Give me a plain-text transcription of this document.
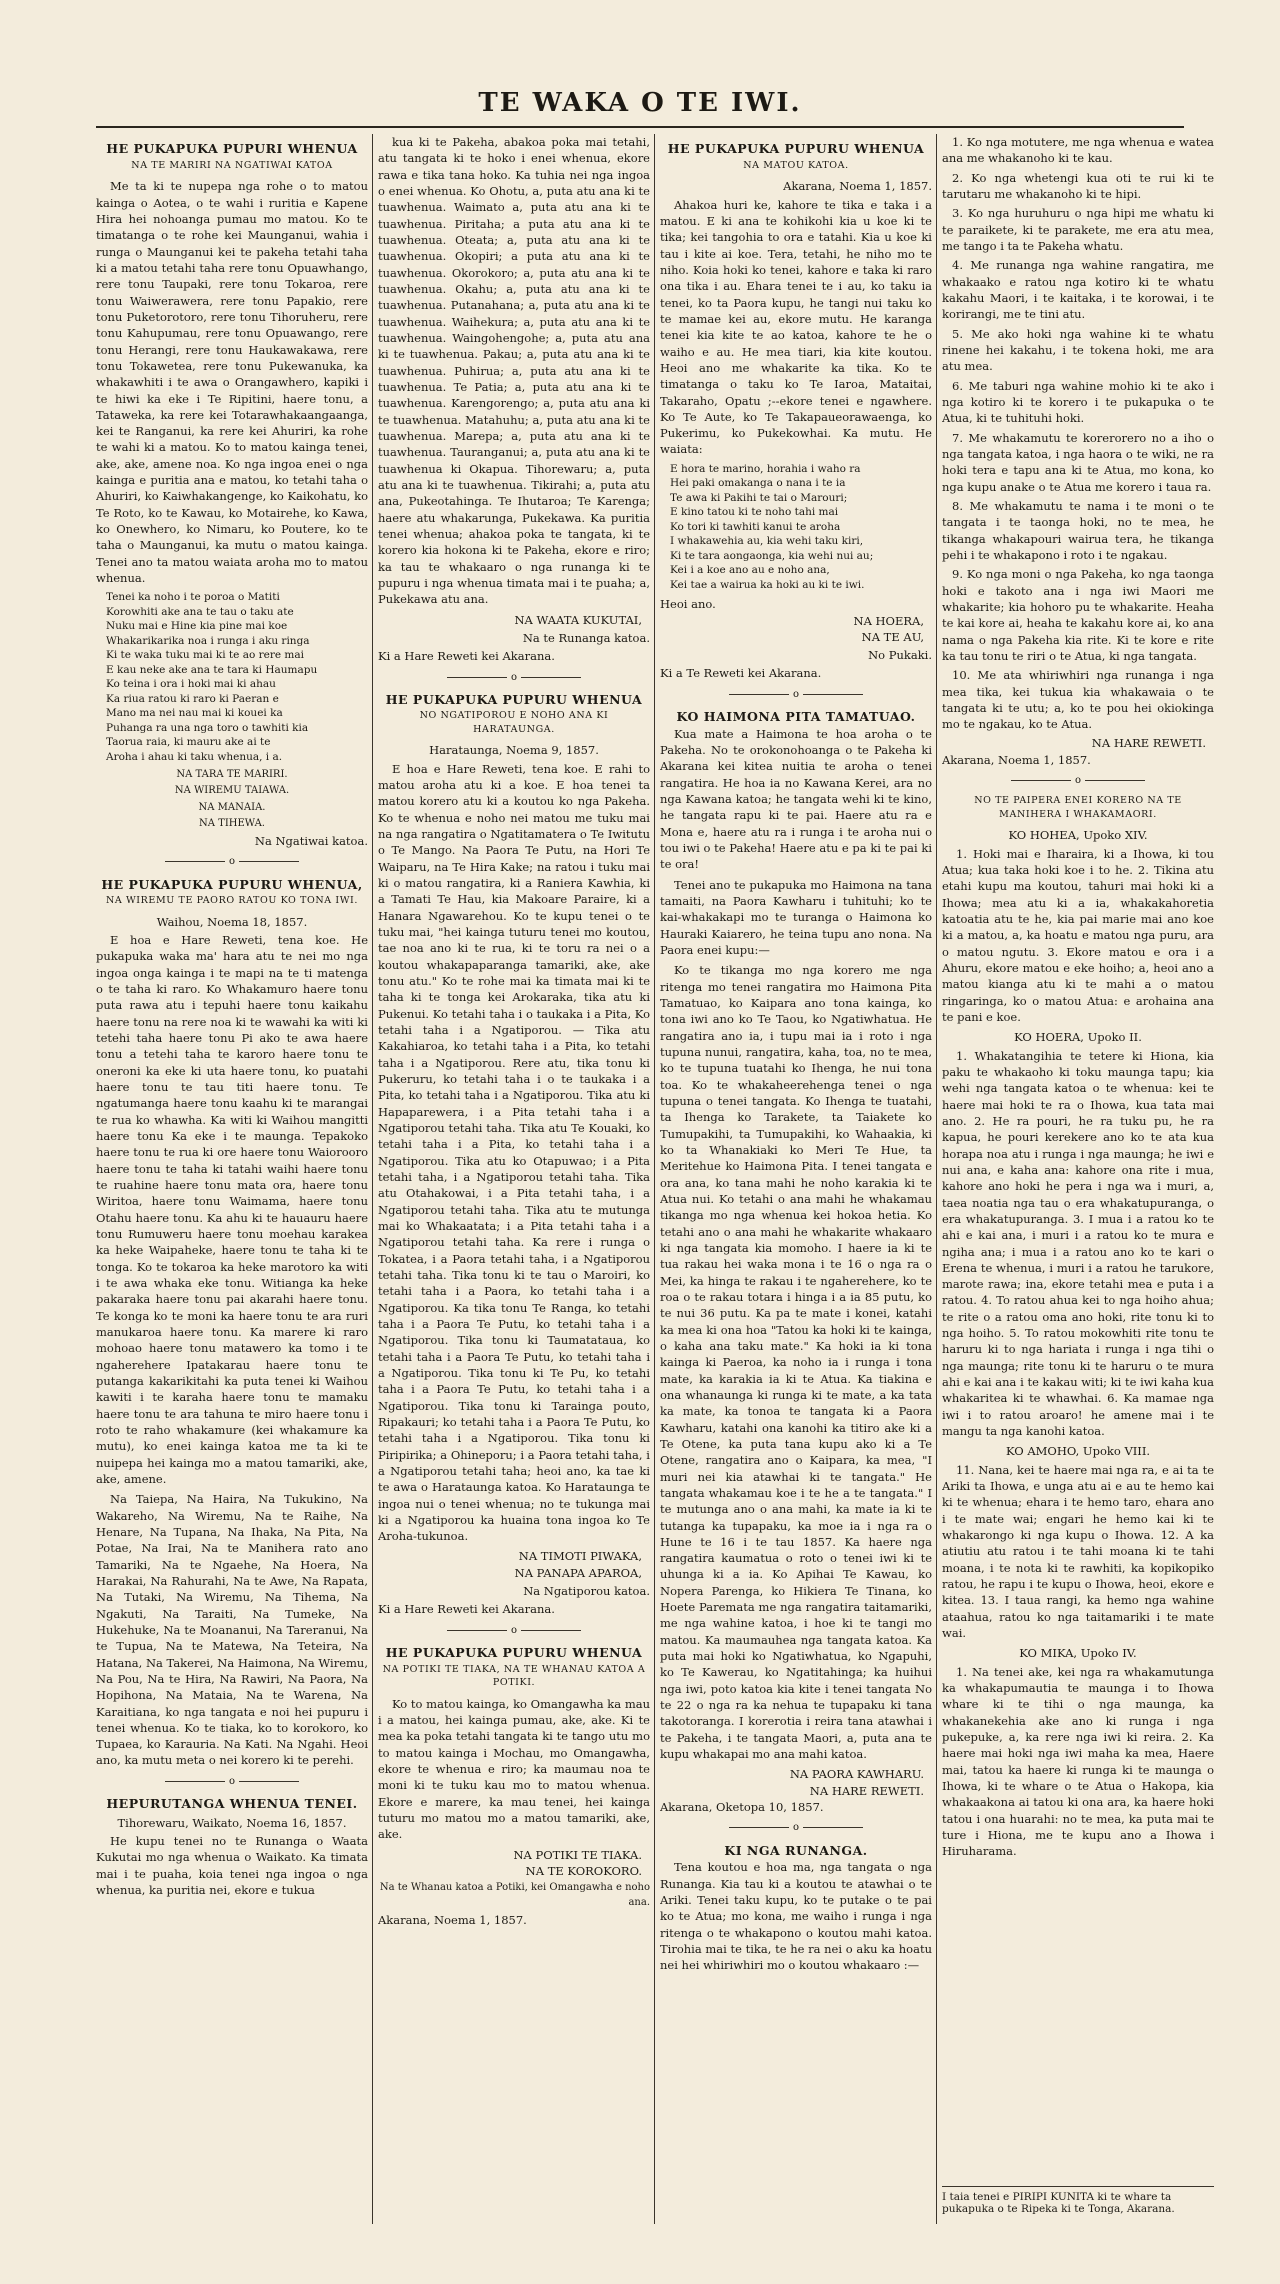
TE WAKA O TE IWI.
HE PUKAPUKA PUPURI WHENUA
NA TE MARIRI NA NGATIWAI KATOA

Me ta ki te nupepa nga rohe o to matou kainga o Aotea, o te wahi i ruritia e Kapene Hira hei nohoanga pumau mo matou. Ko te timatanga o te rohe kei Maunganui, wahia i runga o Maunganui kei te pakeha tetahi taha ki a matou tetahi taha rere tonu Opuawhango, rere tonu Taupaki, rere tonu Tokaroa, rere tonu Waiwerawera, rere tonu Papakio, rere tonu Puketorotoro, rere tonu Tihoruheru, rere tonu Kahupumau, rere tonu Opuawango, rere tonu Herangi, rere tonu Haukawakawa, rere tonu Tokawetea, rere tonu Pukewanuka, ka whakawhiti i te awa o Orangawhero, kapiki i te hiwi ka eke i Te Ripitini, haere tonu, a Tataweka, ka rere kei Totarawhakaangaanga, kei te Ranganui, ka rere kei Ahuriri, ka rohe te wahi ki a matou. Ko to matou kainga tenei, ake, ake, amene noa. Ko nga ingoa enei o nga kainga e puritia ana e matou, ko tetahi taha o Ahuriri, ko Kaiwhakangenge, ko Kaikohatu, ko Te Roto, ko te Kawau, ko Motairehe, ko Kawa, ko Onewhero, ko Nimaru, ko Poutere, ko te taha o Maunganui, ka mutu o matou kainga. Tenei ano ta matou waiata aroha mo to matou whenua.

Tenei ka noho i te poroa o Matiti
Korowhiti ake ana te tau o taku ate
Nuku mai e Hine kia pine mai koe
Whakarikarika noa i runga i aku ringa
Ki te waka tuku mai ki te ao rere mai
E kau neke ake ana te tara ki Haumapu
Ko teina i ora i hoki mai ki ahau
Ka riua ratou ki raro ki Paeran e
Mano ma nei nau mai ki kouei ka
Puhanga ra una nga toro o tawhiti kia
Taorua raia, ki mauru ake ai te
Aroha i ahau ki taku whenua, i a.
NA TARA TE MARIRI.
NA WIREMU TAIAWA.
NA MANAIA.
NA TIHEWA.
Na Ngatiwai katoa.
o
HE PUKAPUKA PUPURU WHENUA,
NA WIREMU TE PAORO RATOU KO TONA IWI.
Waihou, Noema 18, 1857.

E hoa e Hare Reweti, tena koe. He pukapuka waka ma' hara atu te nei mo nga ingoa onga kainga i te mapi na te ti matenga o te taha ki raro. Ko Whakamuro haere tonu puta rawa atu i tepuhi haere tonu kaikahu haere tonu na rere noa ki te wawahi ka witi ki tetehi taha haere tonu Pi ako te awa haere tonu a tetehi taha te karoro haere tonu te oneroni ka eke ki uta haere tonu, ko puatahi haere tonu te tau titi haere tonu. Te ngatumanga haere tonu kaahu ki te marangai te rua ko whawha. Ka witi ki Waihou mangitti haere tonu Ka eke i te maunga. Tepakoko haere tonu te rua ki ore haere tonu Waiorooro haere tonu te taha ki tatahi waihi haere tonu te ruahine haere tonu mata ora, haere tonu Wiritoa, haere tonu Waimama, haere tonu Otahu haere tonu. Ka ahu ki te hauauru haere tonu Rumuweru haere tonu moehau karakea ka heke Waipaheke, haere tonu te taha ki te tonga. Ko te tokaroa ka heke marotoro ka witi i te awa whaka eke tonu. Witianga ka heke pakaraka haere tonu pai akarahi haere tonu. Te konga ko te moni ka haere tonu te ara ruri manukaroa haere tonu. Ka marere ki raro mohoao haere tonu matawero ka tomo i te ngaherehere Ipatakarau haere tonu te putanga kakarikitahi ka puta tenei ki Waihou kawiti i te karaha haere tonu te mamaku haere tonu te ara tahuna te miro haere tonu i roto te raho whakamure (kei whakamure ka mutu), ko enei kainga katoa me ta ki te nuipepa hei kainga mo a matou tamariki, ake, ake, amene.

Na Taiepa, Na Haira, Na Tukukino, Na Wakareho, Na Wiremu, Na te Raihe, Na Henare, Na Tupana, Na Ihaka, Na Pita, Na Potae, Na Irai, Na te Manihera rato ano Tamariki, Na te Ngaehe, Na Hoera, Na Harakai, Na Rahurahi, Na te Awe, Na Rapata, Na Tutaki, Na Wiremu, Na Tihema, Na Ngakuti, Na Taraiti, Na Tumeke, Na Hukehuke, Na te Moananui, Na Tareranui, Na te Tupua, Na te Matewa, Na Teteira, Na Hatana, Na Takerei, Na Haimona, Na Wiremu, Na Pou, Na te Hira, Na Rawiri, Na Paora, Na Hopihona, Na Mataia, Na te Warena, Na Karaitiana, ko nga tangata e noi hei pupuru i tenei whenua. Ko te tiaka, ko to korokoro, ko Tupaea, ko Karauria. Na Kati. Na Ngahi. Heoi ano, ka mutu meta o nei korero ki te perehi.

o
HEPURUTANGA WHENUA TENEI.
Tihorewaru, Waikato, Noema 16, 1857.

He kupu tenei no te Runanga o Waata Kukutai mo nga whenua o Waikato. Ka timata mai i te puaha, koia tenei nga ingoa o nga whenua, ka puritia nei, ekore e tukua

kua ki te Pakeha, abakoa poka mai tetahi, atu tangata ki te hoko i enei whenua, ekore rawa e tika tana hoko. Ka tuhia nei nga ingoa o enei whenua. Ko Ohotu, a, puta atu ana ki te tuawhenua. Waimato a, puta atu ana ki te tuawhenua. Piritaha; a puta atu ana ki te tuawhenua. Oteata; a, puta atu ana ki te tuawhenua. Okopiri; a puta atu ana ki te tuawhenua. Okorokoro; a, puta atu ana ki te tuawhenua. Okahu; a, puta atu ana ki te tuawhenua. Putanahana; a, puta atu ana ki te tuawhenua. Waihekura; a, puta atu ana ki te tuawhenua. Waingohengohe; a, puta atu ana ki te tuawhenua. Pakau; a, puta atu ana ki te tuawhenua. Puhirua; a, puta atu ana ki te tuawhenua. Te Patia; a, puta atu ana ki te tuawhenua. Karengorengo; a, puta atu ana ki te tuawhenua. Matahuhu; a, puta atu ana ki te tuawhenua. Marepa; a, puta atu ana ki te tuawhenua. Tauranganui; a, puta atu ana ki te tuawhenua ki Okapua. Tihorewaru; a, puta atu ana ki te tuawhenua. Tikirahi; a, puta atu ana, Pukeotahinga. Te Ihutaroa; Te Karenga; haere atu whakarunga, Pukekawa. Ka puritia tenei whenua; ahakoa poka te tangata, ki te korero kia hokona ki te Pakeha, ekore e riro; ka tau te whakaaro o nga runanga ki te pupuru i nga whenua timata mai i te puaha; a, Pukekawa atu ana.

NA WAATA KUKUTAI,
Na te Runanga katoa.
Ki a Hare Reweti kei Akarana.
o
HE PUKAPUKA PUPURU WHENUA
NO NGATIPOROU E NOHO ANA KI HARATAUNGA.
Harataunga, Noema 9, 1857.

E hoa e Hare Reweti, tena koe. E rahi to matou aroha atu ki a koe. E hoa tenei ta matou korero atu ki a koutou ko nga Pakeha. Ko te whenua e noho nei matou me tuku mai na nga rangatira o Ngatitamatera o Te Iwitutu o Te Mango. Na Paora Te Putu, na Hori Te Waiparu, na Te Hira Kake; na ratou i tuku mai ki o matou rangatira, ki a Raniera Kawhia, ki a Tamati Te Hau, kia Makoare Paraire, ki a Hanara Ngawarehou. Ko te kupu tenei o te tuku mai, "hei kainga tuturu tenei mo koutou, tae noa ano ki te rua, ki te toru ra nei o a koutou whakapaparanga tamariki, ake, ake tonu atu." Ko te rohe mai ka timata mai ki te taha ki te tonga kei Arokaraka, tika atu ki Pukenui. Ko tetahi taha i o taukaka i a Pita, Ko tetahi taha i a Ngatiporou. — Tika atu Kakahiaroa, ko tetahi taha i a Pita, ko tetahi taha i a Ngatiporou. Rere atu, tika tonu ki Pukeruru, ko tetahi taha i o te taukaka i a Pita, ko tetahi taha i a Ngatiporou. Tika atu ki Hapaparewera, i a Pita tetahi taha i a Ngatiporou tetahi taha. Tika atu Te Kouaki, ko tetahi taha i a Pita, ko tetahi taha i a Ngatiporou. Tika atu ko Otapuwao; i a Pita tetahi taha, i a Ngatiporou tetahi taha. Tika atu Otahakowai, i a Pita tetahi taha, i a Ngatiporou tetahi taha. Tika atu te mutunga mai ko Whakaatata; i a Pita tetahi taha i a Ngatiporou tetahi taha. Ka rere i runga o Tokatea, i a Paora tetahi taha, i a Ngatiporou tetahi taha. Tika tonu ki te tau o Maroiri, ko tetahi taha i a Paora, ko tetahi taha i a Ngatiporou. Ka tika tonu Te Ranga, ko tetahi taha i a Paora Te Putu, ko tetahi taha i a Ngatiporou. Tika tonu ki Taumatataua, ko tetahi taha i a Paora Te Putu, ko tetahi taha i a Ngatiporou. Tika tonu ki Te Pu, ko tetahi taha i a Paora Te Putu, ko tetahi taha i a Ngatiporou. Tika tonu ki Tarainga pouto, Ripakauri; ko tetahi taha i a Paora Te Putu, ko tetahi taha i a Ngatiporou. Tika tonu ki Piripirika; a Ohineporu; i a Paora tetahi taha, i a Ngatiporou tetahi taha; heoi ano, ka tae ki te awa o Harataunga katoa. Ko Harataunga te ingoa nui o tenei whenua; no te tukunga mai ki a Ngatiporou ka huaina tona ingoa ko Te Aroha-tukunoa.

NA TIMOTI PIWAKA,
NA PANAPA APAROA,
Na Ngatiporou katoa.
Ki a Hare Reweti kei Akarana.
o
HE PUKAPUKA PUPURU WHENUA
NA POTIKI TE TIAKA, NA TE WHANAU KATOA A POTIKI.

Ko to matou kainga, ko Omangawha ka mau i a matou, hei kainga pumau, ake, ake. Ki te mea ka poka tetahi tangata ki te tango utu mo to matou kainga i Mochau, mo Omangawha, ekore te whenua e riro; ka maumau noa te moni ki te tuku kau mo to matou whenua. Ekore e marere, ka mau tenei, hei kainga tuturu mo matou mo a matou tamariki, ake, ake.

NA POTIKI TE TIAKA.
NA TE KOROKORO.
Na te Whanau katoa a Potiki, kei Omangawha e noho ana.
Akarana, Noema 1, 1857.
HE PUKAPUKA PUPURU WHENUA
NA MATOU KATOA.
Akarana, Noema 1, 1857.

Ahakoa huri ke, kahore te tika e taka i a matou. E ki ana te kohikohi kia u koe ki te tika; kei tangohia to ora e tatahi. Kia u koe ki tau i kite ai koe. Tera, tetahi, he niho mo te niho. Koia hoki ko tenei, kahore e taka ki raro ona tika i au. Ehara tenei te i au, ko taku ia tenei, ko ta Paora kupu, he tangi nui taku ko te mamae kei au, ekore mutu. He karanga tenei kia kite te ao katoa, kahore te he o waiho e au. He mea tiari, kia kite koutou. Heoi ano me whakarite ka tika. Ko te timatanga o taku ko Te Iaroa, Mataitai, Takaraho, Opatu ;--ekore tenei e ngawhere. Ko Te Aute, ko Te Takapaueorawaenga, ko Pukerimu, ko Pukekowhai. Ka mutu. He waiata:

E hora te marino, horahia i waho ra
Hei paki omakanga o nana i te ia
Te awa ki Pakihi te tai o Marouri;
E kino tatou ki te noho tahi mai
Ko tori ki tawhiti kanui te aroha
I whakawehia au, kia wehi taku kiri,
Ki te tara aongaonga, kia wehi nui au;
Kei i a koe ano au e noho ana,
Kei tae a wairua ka hoki au ki te iwi.
Heoi ano.
NA HOERA,
NA TE AU,
No Pukaki.
Ki a Te Reweti kei Akarana.
o
KO HAIMONA PITA TAMATUAO.

Kua mate a Haimona te hoa aroha o te Pakeha. No te orokonohoanga o te Pakeha ki Akarana kei kitea nuitia te aroha o tenei rangatira. He hoa ia no Kawana Kerei, ara no nga Kawana katoa; he tangata wehi ki te kino, he tangata rapu ki te pai. Haere atu ra e Mona e, haere atu ra i runga i te aroha nui o tou iwi o te Pakeha! Haere atu e pa ki te pai ki te ora!

Tenei ano te pukapuka mo Haimona na tana tamaiti, na Paora Kawharu i tuhituhi; ko te kai-whakakapi mo te turanga o Haimona ko Hauraki Kaiarero, he teina tupu ano nona. Na Paora enei kupu:—

Ko te tikanga mo nga korero me nga ritenga mo tenei rangatira mo Haimona Pita Tamatuao, ko Kaipara ano tona kainga, ko tona iwi ano ko Te Taou, ko Ngatiwhatua. He rangatira ano ia, i tupu mai ia i roto i nga tupuna nunui, rangatira, kaha, toa, no te mea, ko te tupuna tuatahi ko Ihenga, he nui tona toa. Ko te whakaheerehenga tenei o nga tupuna o tenei tangata. Ko Ihenga te tuatahi, ta Ihenga ko Tarakete, ta Taiakete ko Tumupakihi, ta Tumupakihi, ko Wahaakia, ki ko ta Whanakiaki ko Meri Te Hue, ta Meritehue ko Haimona Pita. I tenei tangata e ora ana, ko tana mahi he noho karakia ki te Atua nui. Ko tetahi o ana mahi he whakamau tikanga mo nga whenua kei hokoa hetia. Ko tetahi ano o ana mahi he whakarite whakaaro ki nga tangata kia momoho. I haere ia ki te tua rakau hei waka mona i te 16 o nga ra o Mei, ka hinga te rakau i te ngaherehere, ko te roa o te rakau totara i hinga i a ia 85 putu, ko te nui 36 putu. Ka pa te mate i konei, katahi ka mea ki ona hoa "Tatou ka hoki ki te kainga, o kaha ana taku mate." Ka hoki ia ki tona kainga ki Paeroa, ka noho ia i runga i tona mate, ka karakia ia ki te Atua. Ka tiakina e ona whanaunga ki runga ki te mate, a ka tata ka mate, ka tonoa te tangata ki a Paora Kawharu, katahi ona kanohi ka titiro ake ki a Te Otene, ka puta tana kupu ako ki a Te Otene, rangatira ano o Kaipara, ka mea, "I muri nei kia atawhai ki te tangata." He tangata whakamau koe i te he a te tangata." I te mutunga ano o ana mahi, ka mate ia ki te tutanga ka tupapaku, ka moe ia i nga ra o Hune te 16 i te tau 1857. Ka haere nga rangatira kaumatua o roto o tenei iwi ki te uhunga ki a ia. Ko Apihai Te Kawau, ko Nopera Parenga, ko Hikiera Te Tinana, ko Hoete Paremata me nga rangatira taitamariki, me nga wahine katoa, i hoe ki te tangi mo matou. Ka maumauhea nga tangata katoa. Ka puta mai hoki ko Ngatiwhatua, ko Ngapuhi, ko Te Kawerau, ko Ngatitahinga; ka huihui nga iwi, poto katoa kia kite i tenei tangata No te 22 o nga ra ka nehua te tupapaku ki tana takotoranga. I korerotia i reira tana atawhai i te Pakeha, i te tangata Maori, a, puta ana te kupu whakapai mo ana mahi katoa.

NA PAORA KAWHARU.
NA HARE REWETI.
Akarana, Oketopa 10, 1857.
o
KI NGA RUNANGA.

Tena koutou e hoa ma, nga tangata o nga Runanga. Kia tau ki a koutou te atawhai o te Ariki. Tenei taku kupu, ko te putake o te pai ko te Atua; mo kona, me waiho i runga i nga ritenga o te whakapono o koutou mahi katoa. Tirohia mai te tika, te he ra nei o aku ka hoatu nei hei whiriwhiri mo o koutou whakaaro :—

1. Ko nga motutere, me nga whenua e watea ana me whakanoho ki te kau.

2. Ko nga whetengi kua oti te rui ki te tarutaru me whakanoho ki te hipi.

3. Ko nga huruhuru o nga hipi me whatu ki te paraikete, ki te parakete, me era atu mea, me tango i ta te Pakeha whatu.

4. Me runanga nga wahine rangatira, me whakaako e ratou nga kotiro ki te whatu kakahu Maori, i te kaitaka, i te korowai, i te korirangi, me te tini atu.

5. Me ako hoki nga wahine ki te whatu rinene hei kakahu, i te tokena hoki, me ara atu mea.

6. Me taburi nga wahine mohio ki te ako i nga kotiro ki te korero i te pukapuka o te Atua, ki te tuhituhi hoki.

7. Me whakamutu te korerorero no a iho o nga tangata katoa, i nga haora o te wiki, ne ra hoki tera e tapu ana ki te Atua, mo kona, ko nga kupu anake o te Atua me korero i taua ra.

8. Me whakamutu te nama i te moni o te tangata i te taonga hoki, no te mea, he tikanga whakapouri wairua tera, he tikanga pehi i te whakapono i roto i te ngakau.

9. Ko nga moni o nga Pakeha, ko nga taonga hoki e takoto ana i nga iwi Maori me whakarite; kia hohoro pu te whakarite. Heaha te kai kore ai, heaha te kakahu kore ai, ko ana nama o nga Pakeha kia rite. Ki te kore e rite ka tau tonu te riri o te Atua, ki nga tangata.

10. Me ata whiriwhiri nga runanga i nga mea tika, kei tukua kia whakawaia o te tangata ki te utu; a, ko te pou hei okiokinga mo te ngakau, ko te Atua.

NA HARE REWETI.
Akarana, Noema 1, 1857.
o
NO TE PAIPERA ENEI KORERO NA TE MANIHERA I WHAKAMAORI.
KO HOHEA, Upoko XIV.

1. Hoki mai e Iharaira, ki a Ihowa, ki tou Atua; kua taka hoki koe i to he. 2. Tikina atu etahi kupu ma koutou, tahuri mai hoki ki a Ihowa; mea atu ki a ia, whakakahoretia katoatia atu te he, kia pai marie mai ano koe ki a matou, a, ka hoatu e matou nga puru, ara o matou ngutu. 3. Ekore matou e ora i a Ahuru, ekore matou e eke hoiho; a, heoi ano a matou kianga atu ki te mahi a o matou ringaringa, ko o matou Atua: e arohaina ana te pani e koe.

KO HOERA, Upoko II.

1. Whakatangihia te tetere ki Hiona, kia paku te whakaoho ki toku maunga tapu; kia wehi nga tangata katoa o te whenua: kei te haere mai hoki te ra o Ihowa, kua tata mai ano. 2. He ra pouri, he ra tuku pu, he ra kapua, he pouri kerekere ano ko te ata kua horapa noa atu i runga i nga maunga; he iwi e nui ana, e kaha ana: kahore ona rite i mua, kahore ano hoki he pera i nga wa i muri, a, taea noatia nga tau o era whakatupuranga, o era whakatupuranga. 3. I mua i a ratou ko te ahi e kai ana, i muri i a ratou ko te mura e ngiha ana; i mua i a ratou ano ko te kari o Erena te whenua, i muri i a ratou he tarukore, marote rawa; ina, ekore tetahi mea e puta i a ratou. 4. To ratou ahua kei to nga hoiho ahua; te rite o a ratou oma ano hoki, rite tonu ki to nga hoiho. 5. To ratou mokowhiti rite tonu te haruru ki to nga hariata i runga i nga tihi o nga maunga; rite tonu ki te haruru o te mura ahi e kai ana i te kakau witi; ki te iwi kaha kua whakaritea ki te whawhai. 6. Ka mamae nga iwi i to ratou aroaro! he amene mai i te mangu ta nga kanohi katoa.

KO AMOHO, Upoko VIII.

11. Nana, kei te haere mai nga ra, e ai ta te Ariki ta Ihowa, e unga atu ai e au te hemo kai ki te whenua; ehara i te hemo taro, ehara ano i te mate wai; engari he hemo kai ki te whakarongo ki nga kupu o Ihowa. 12. A ka atiutiu atu ratou i te tahi moana ki te tahi moana, i te nota ki te rawhiti, ka kopikopiko ratou, he rapu i te kupu o Ihowa, heoi, ekore e kitea. 13. I taua rangi, ka hemo nga wahine ataahua, ratou ko nga taitamariki i te mate wai.

KO MIKA, Upoko IV.

1. Na tenei ake, kei nga ra whakamutunga ka whakapumautia te maunga i to Ihowa whare ki te tihi o nga maunga, ka whakanekehia ake ano ki runga i nga pukepuke, a, ka rere nga iwi ki reira. 2. Ka haere mai hoki nga iwi maha ka mea, Haere mai, tatou ka haere ki runga ki te maunga o Ihowa, ki te whare o te Atua o Hakopa, kia whakaakona ai tatou ki ona ara, ka haere hoki tatou i ona huarahi: no te mea, ka puta mai te ture i Hiona, me te kupu ano a Ihowa i Hiruharama.

I taia tenei e PIRIPI KUNITA ki te whare ta pukapuka o te Ripeka ki te Tonga, Akarana.
